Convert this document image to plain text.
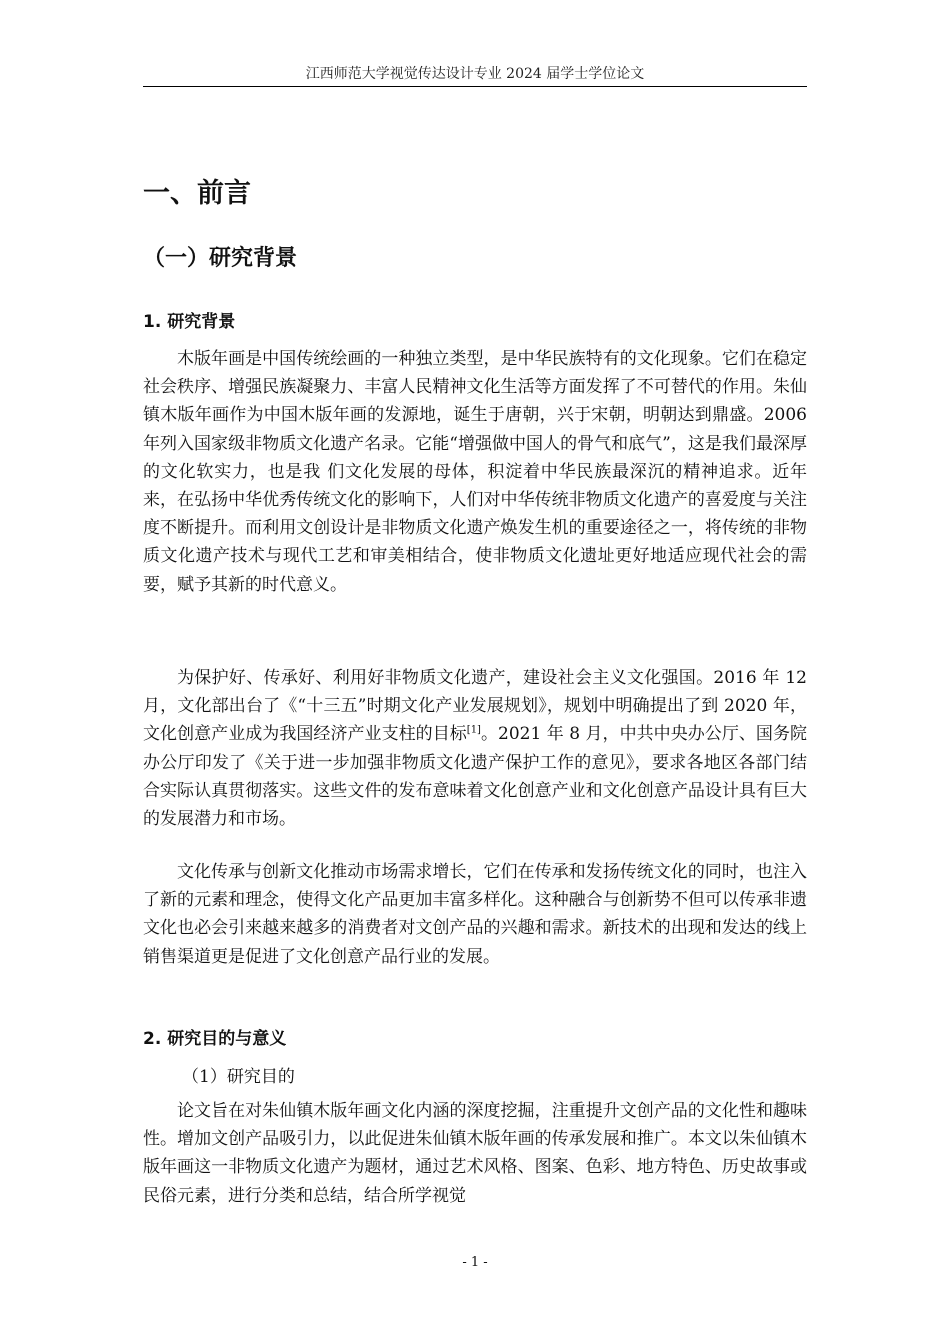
江西师范大学视觉传达设计专业 2024 届学士学位论文
一、前言
（一）研究背景
1. 研究背景

木版年画是中国传统绘画的一种独立类型，是中华民族特有的文化现象。它们在稳定社会秩序、增强民族凝聚力、丰富人民精神文化生活等方面发挥了不可替代的作用。朱仙镇木版年画作为中国木版年画的发源地，诞生于唐朝，兴于宋朝，明朝达到鼎盛。2006 年列入国家级非物质文化遗产名录。它能“增强做中国人的骨气和底气”，这是我们最深厚的文化软实力，也是我 们文化发展的母体，积淀着中华民族最深沉的精神追求。近年来，在弘扬中华优秀传统文化的影响下，人们对中华传统非物质文化遗产的喜爱度与关注度不断提升。而利用文创设计是非物质文化遗产焕发生机的重要途径之一，将传统的非物质文化遗产技术与现代工艺和审美相结合，使非物质文化遗址更好地适应现代社会的需要，赋予其新的时代意义。

为保护好、传承好、利用好非物质文化遗产，建设社会主义文化强国。2016 年 12 月，文化部出台了《“十三五”时期文化产业发展规划》，规划中明确提出了到 2020 年，文化创意产业成为我国经济产业支柱的目标[1]。2021 年 8 月，中共中央办公厅、国务院办公厅印发了《关于进一步加强非物质文化遗产保护工作的意见》，要求各地区各部门结合实际认真贯彻落实。这些文件的发布意味着文化创意产业和文化创意产品设计具有巨大的发展潜力和市场。

文化传承与创新文化推动市场需求增长，它们在传承和发扬传统文化的同时，也注入了新的元素和理念，使得文化产品更加丰富多样化。这种融合与创新势不但可以传承非遗文化也必会引来越来越多的消费者对文创产品的兴趣和需求。新技术的出现和发达的线上销售渠道更是促进了文化创意产品行业的发展。

2. 研究目的与意义
（1）研究目的

论文旨在对朱仙镇木版年画文化内涵的深度挖掘，注重提升文创产品的文化性和趣味性。增加文创产品吸引力，以此促进朱仙镇木版年画的传承发展和推广。本文以朱仙镇木版年画这一非物质文化遗产为题材，通过艺术风格、图案、色彩、地方特色、历史故事或民俗元素，进行分类和总结，结合所学视觉

- 1 -
